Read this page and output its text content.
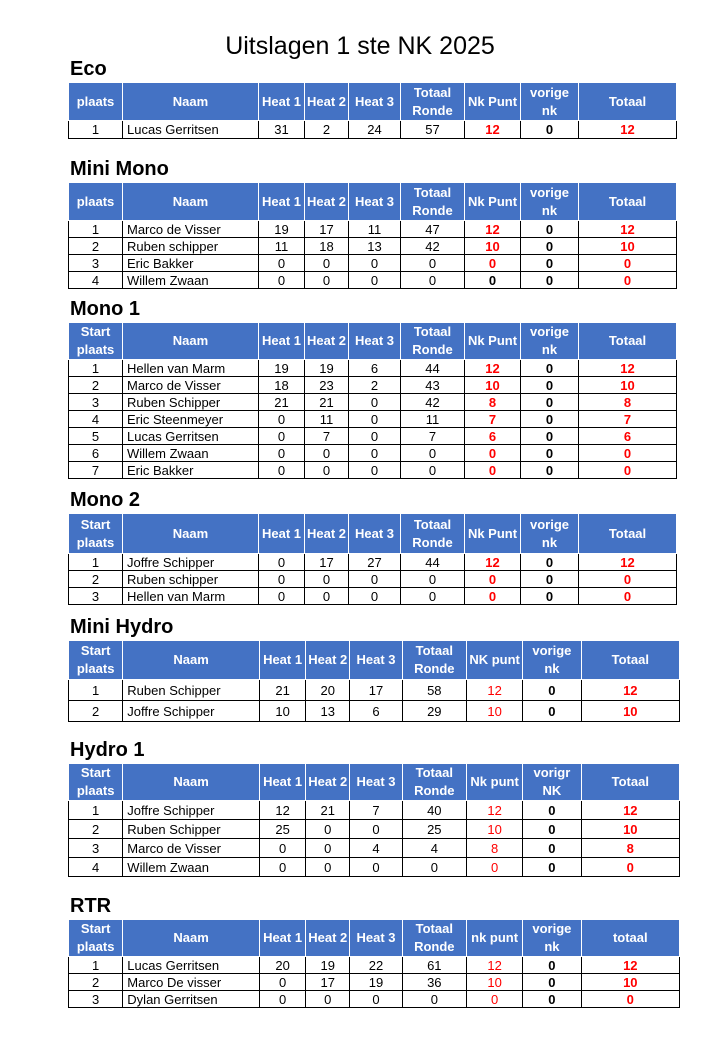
Uitslagen 1 ste NK 2025
Eco
plaats	Naam	Heat 1	Heat 2	Heat 3	Totaal Ronde	Nk Punt	vorige nk	Totaal
1	Lucas Gerritsen	31	2	24	57	12	0	12
Mini Mono
plaats	Naam	Heat 1	Heat 2	Heat 3	Totaal Ronde	Nk Punt	vorige nk	Totaal
1	Marco de Visser	19	17	11	47	12	0	12
2	Ruben schipper	11	18	13	42	10	0	10
3	Eric Bakker	0	0	0	0	0	0	0
4	Willem Zwaan	0	0	0	0	0	0	0
Mono 1
Start plaats	Naam	Heat 1	Heat 2	Heat 3	Totaal Ronde	Nk Punt	vorige nk	Totaal
1	Hellen van Marm	19	19	6	44	12	0	12
2	Marco de Visser	18	23	2	43	10	0	10
3	Ruben Schipper	21	21	0	42	8	0	8
4	Eric Steenmeyer	0	11	0	11	7	0	7
5	Lucas Gerritsen	0	7	0	7	6	0	6
6	Willem Zwaan	0	0	0	0	0	0	0
7	Eric Bakker	0	0	0	0	0	0	0
Mono 2
Start plaats	Naam	Heat 1	Heat 2	Heat 3	Totaal Ronde	Nk Punt	vorige nk	Totaal
1	Joffre Schipper	0	17	27	44	12	0	12
2	Ruben schipper	0	0	0	0	0	0	0
3	Hellen van Marm	0	0	0	0	0	0	0
Mini Hydro
Start plaats	Naam	Heat 1	Heat 2	Heat 3	Totaal Ronde	NK punt	vorige nk	Totaal
1	Ruben Schipper	21	20	17	58	12	0	12
2	Joffre Schipper	10	13	6	29	10	0	10
Hydro 1
Start plaats	Naam	Heat 1	Heat 2	Heat 3	Totaal Ronde	Nk punt	vorigr NK	Totaal
1	Joffre Schipper	12	21	7	40	12	0	12
2	Ruben Schipper	25	0	0	25	10	0	10
3	Marco de Visser	0	0	4	4	8	0	8
4	Willem Zwaan	0	0	0	0	0	0	0
RTR
Start plaats	Naam	Heat 1	Heat 2	Heat 3	Totaal Ronde	nk punt	vorige nk	totaal
1	Lucas Gerritsen	20	19	22	61	12	0	12
2	Marco De visser	0	17	19	36	10	0	10
3	Dylan Gerritsen	0	0	0	0	0	0	0
